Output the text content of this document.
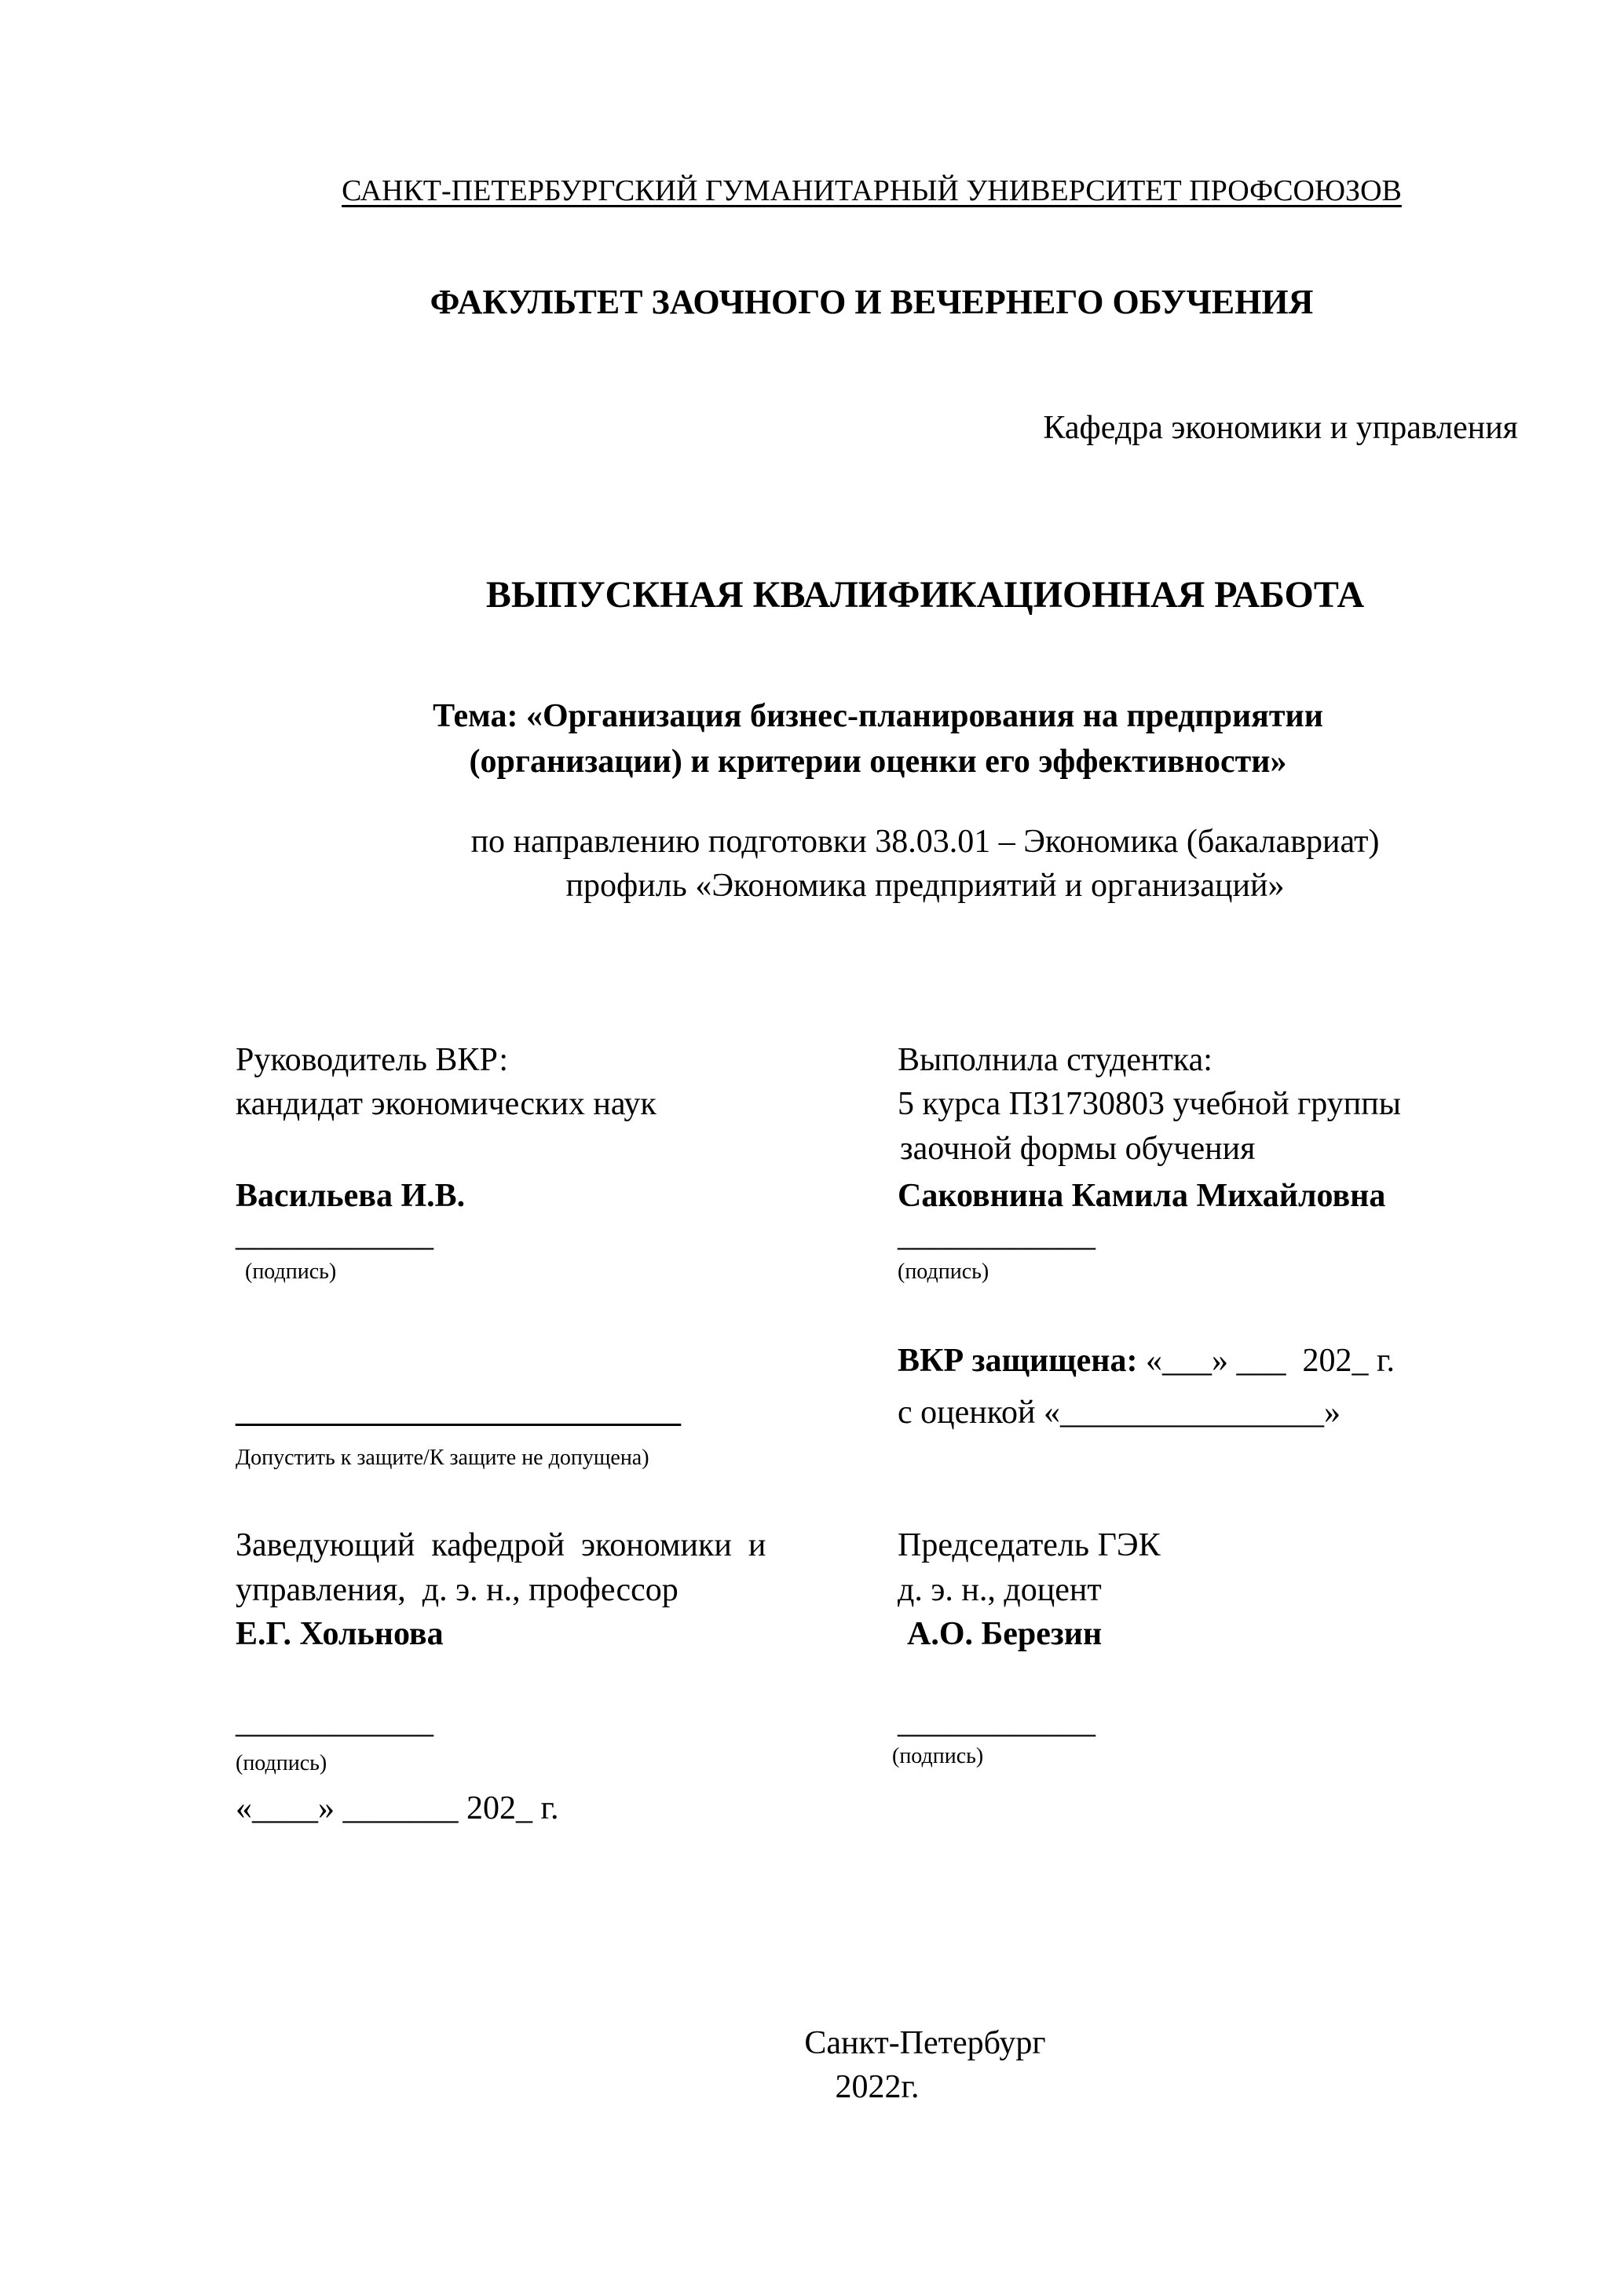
САНКТ-ПЕТЕРБУРГСКИЙ ГУМАНИТАРНЫЙ УНИВЕРСИТЕТ ПРОФСОЮЗОВ
ФАКУЛЬТЕТ ЗАОЧНОГО И ВЕЧЕРНЕГО ОБУЧЕНИЯ
Кафедра экономики и управления
ВЫПУСКНАЯ КВАЛИФИКАЦИОННАЯ РАБОТА
Тема: «Организация бизнес-планирования на предприятии
(организации) и критерии оценки его эффективности»
по направлению подготовки 38.03.01 – Экономика (бакалавриат)
профиль «Экономика предприятий и организаций»
Руководитель ВКР:
кандидат экономических наук
Васильева И.В.
____________
(подпись)
___________________________
Допустить к защите/К защите не допущена)
Заведующий  кафедрой  экономики  и
управления,  д. э. н., профессор
Е.Г. Хольнова
____________
(подпись)
«____» _______ 202_ г.
Выполнила студентка:
5 курса ПЗ1730803 учебной группы
заочной формы обучения
Саковнина Камила Михайловна
____________
(подпись)
ВКР защищена: «___» ___  202_ г.
с оценкой «________________»
Председатель ГЭК
д. э. н., доцент
А.О. Березин
____________
(подпись)
Санкт-Петербург
2022г.
